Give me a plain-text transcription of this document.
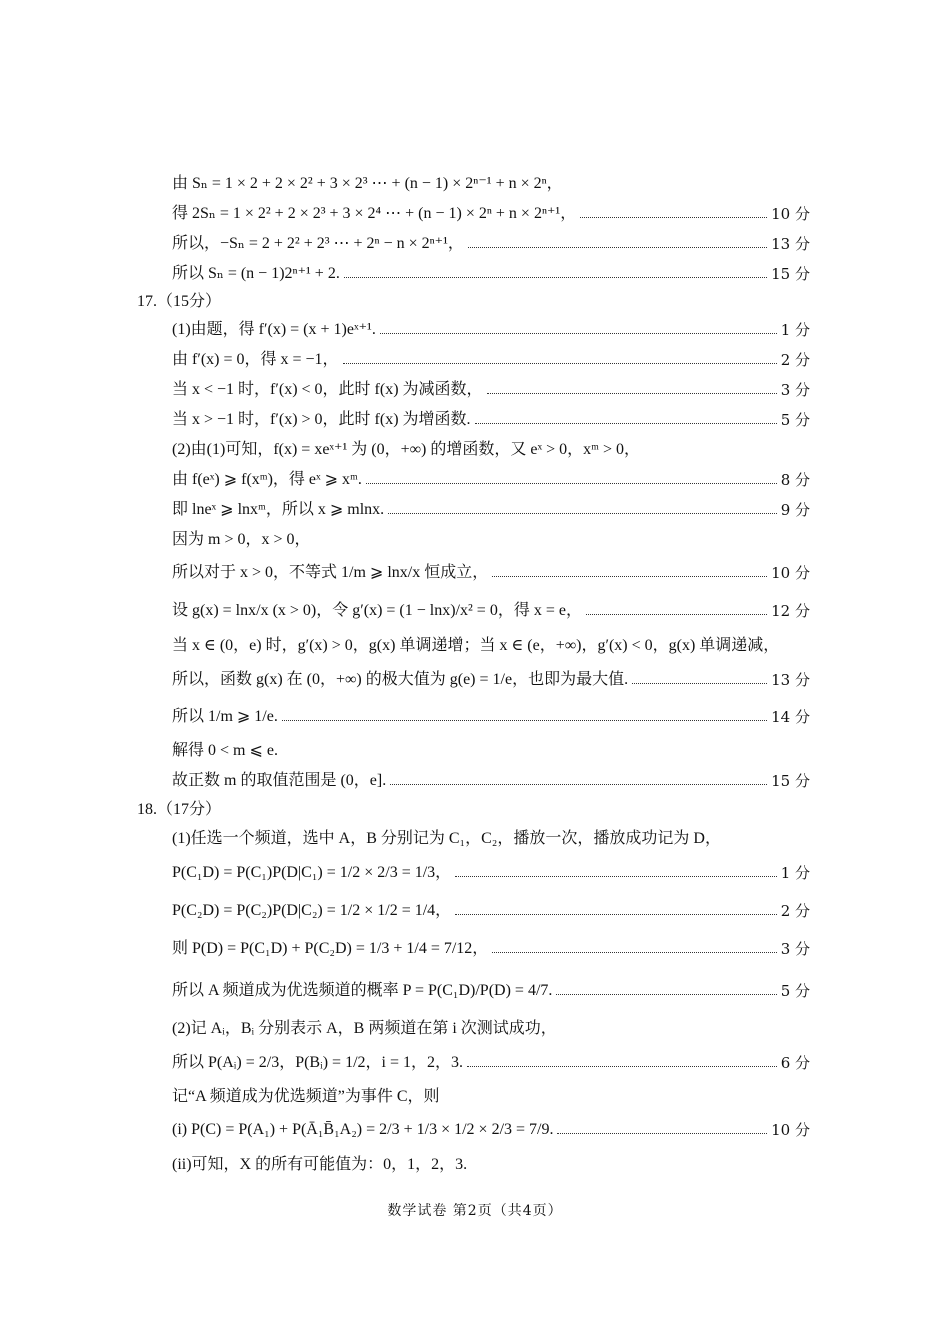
由 Sₙ = 1 × 2 + 2 × 2² + 3 × 2³ ⋯ + (n − 1) × 2ⁿ⁻¹ + n × 2ⁿ，
得 2Sₙ = 1 × 2² + 2 × 2³ + 3 × 2⁴ ⋯ + (n − 1) × 2ⁿ + n × 2ⁿ⁺¹，	10 分
所以，−Sₙ = 2 + 2² + 2³ ⋯ + 2ⁿ − n × 2ⁿ⁺¹，	13 分
所以 Sₙ = (n − 1)2ⁿ⁺¹ + 2.	15 分
17.（15分）
(1)由题，得 f′(x) = (x + 1)eˣ⁺¹.	1 分
由 f′(x) = 0，得 x = −1，	2 分
当 x < −1 时，f′(x) < 0，此时 f(x) 为减函数，	3 分
当 x > −1 时，f′(x) > 0，此时 f(x) 为增函数.	5 分
(2)由(1)可知，f(x) = xeˣ⁺¹ 为 (0，+∞) 的增函数，又 eˣ > 0，xᵐ > 0，
由 f(eˣ) ⩾ f(xᵐ)，得 eˣ ⩾ xᵐ.	8 分
即 lneˣ ⩾ lnxᵐ，所以 x ⩾ mlnx.	9 分
因为 m > 0，x > 0，
所以对于 x > 0，不等式 1/m ⩾ lnx/x 恒成立，	10 分
设 g(x) = lnx/x (x > 0)，令 g′(x) = (1 − lnx)/x² = 0，得 x = e，	12 分
当 x ∈ (0，e) 时，g′(x) > 0，g(x) 单调递增；当 x ∈ (e，+∞)，g′(x) < 0，g(x) 单调递减，
所以，函数 g(x) 在 (0，+∞) 的极大值为 g(e) = 1/e，也即为最大值.	13 分
所以 1/m ⩾ 1/e.	14 分
解得 0 < m ⩽ e.
故正数 m 的取值范围是 (0，e].	15 分
18.（17分）
(1)任选一个频道，选中 A，B 分别记为 C₁，C₂，播放一次，播放成功记为 D，
P(C₁D) = P(C₁)P(D|C₁) = 1/2 × 2/3 = 1/3，	1 分
P(C₂D) = P(C₂)P(D|C₂) = 1/2 × 1/2 = 1/4，	2 分
则 P(D) = P(C₁D) + P(C₂D) = 1/3 + 1/4 = 7/12，	3 分
所以 A 频道成为优选频道的概率 P = P(C₁D)/P(D) = 4/7.	5 分
(2)记 Aᵢ，Bᵢ 分别表示 A，B 两频道在第 i 次测试成功，
所以 P(Aᵢ) = 2/3，P(Bᵢ) = 1/2，i = 1，2，3.	6 分
记“A 频道成为优选频道”为事件 C，则
(i) P(C) = P(A₁) + P(Ā₁B̄₁A₂) = 2/3 + 1/3 × 1/2 × 2/3 = 7/9.	10 分
(ii)可知，X 的所有可能值为：0，1，2，3.
数学试卷 第2页（共4页）
